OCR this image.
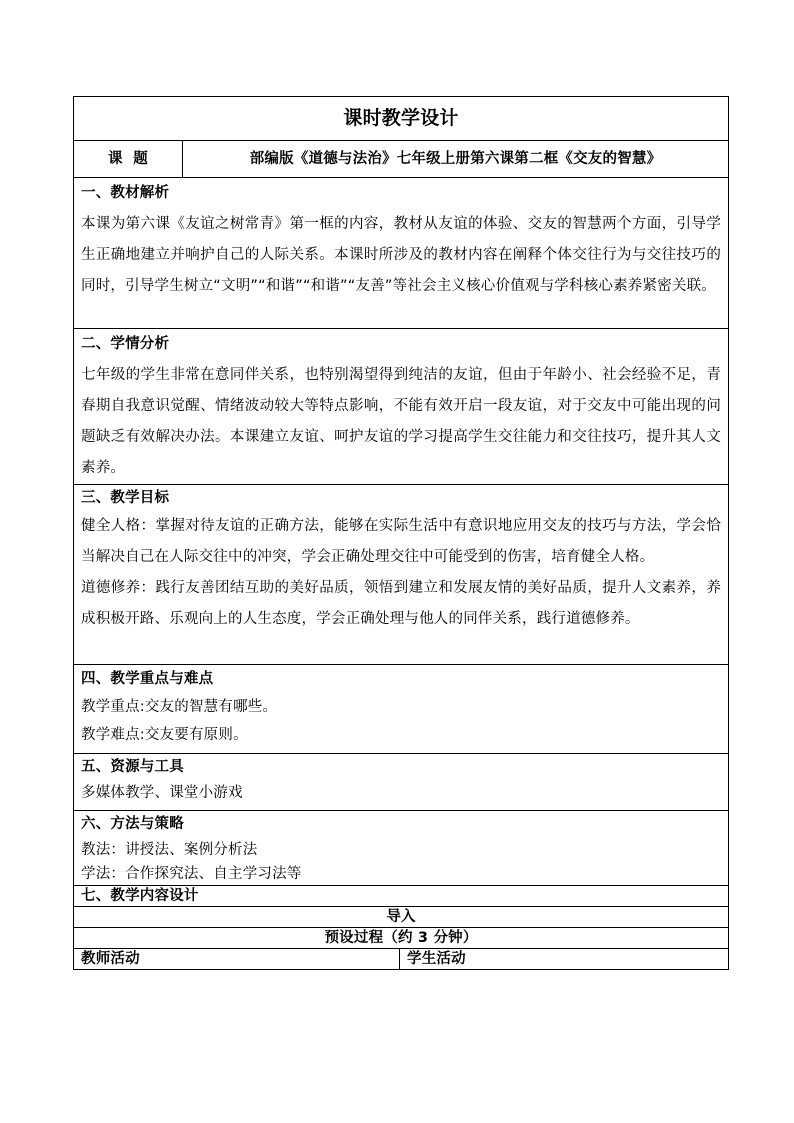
课时教学设计		
课  题	部编版《道德与法治》七年级上册第六课第二框《交友的智慧》	

一、教材解析
本课为第六课《友谊之树常青》第一框的内容，教材从友谊的体验、交友的智慧两个方面，引导学生正确地建立并响护自己的人际关系。本课时所涉及的教材内容在阐释个体交往行为与交往技巧的同时，引导学生树立“文明”“和谐”“和谐”“友善”等社会主义核心价值观与学科核心素养紧密关联。		

二、学情分析
七年级的学生非常在意同伴关系，也特别渴望得到纯洁的友谊，但由于年龄小、社会经验不足，青春期自我意识觉醒、情绪波动较大等特点影响，不能有效开启一段友谊，对于交友中可能出现的问题缺乏有效解决办法。本课建立友谊、呵护友谊的学习提高学生交往能力和交往技巧，提升其人文素养。		

三、教学目标
健全人格：掌握对待友谊的正确方法，能够在实际生活中有意识地应用交友的技巧与方法，学会恰当解决自己在人际交往中的冲突，学会正确处理交往中可能受到的伤害，培育健全人格。
道德修养：践行友善团结互助的美好品质，领悟到建立和发展友情的美好品质，提升人文素养，养成积极开路、乐观向上的人生态度，学会正确处理与他人的同伴关系，践行道德修养。		

四、教学重点与难点
教学重点:交友的智慧有哪些。
教学难点:交友要有原则。		

五、资源与工具
多媒体教学、课堂小游戏		

六、方法与策略
教法：讲授法、案例分析法
学法：合作探究法、自主学习法等		

七、教学内容设计		

导入		
预设过程（约 3 分钟）		
教师活动		学生活动
